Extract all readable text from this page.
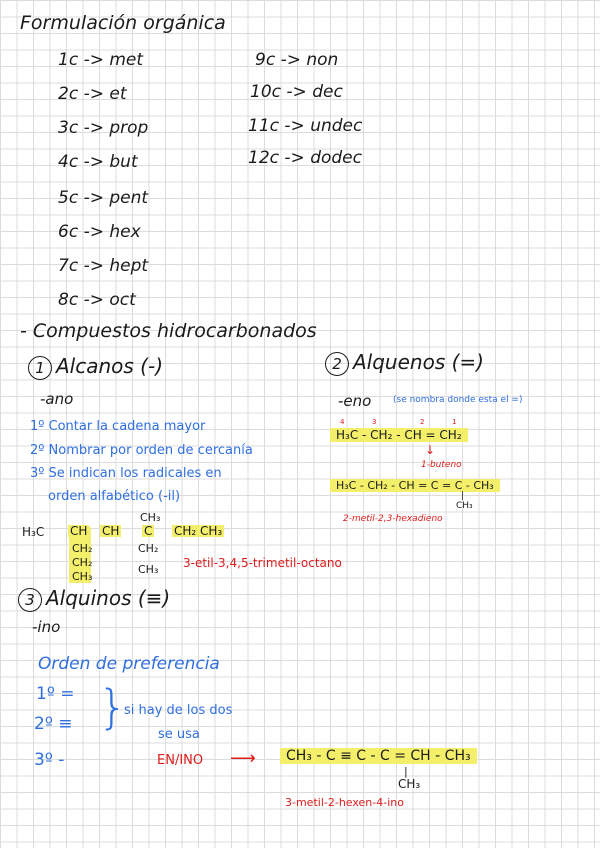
Formulación orgánica
1c -> met
2c -> et
3c -> prop
4c -> but
5c -> pent
6c -> hex
7c -> hept
8c -> oct
9c -> non
10c -> dec
11c -> undec
12c -> dodec
- Compuestos hidrocarbonados
1 Alcanos (-)
-ano
1º Contar la cadena mayor
2º Nombrar por orden de cercanía
3º Se indican los radicales en
orden alfabético (-il)
CH
H₃C	CH C CH₂ CH₃
CH₃
CH₂
CH₂
CH₃
CH₂
CH₃ 3-etil-3,4,5-trimetil-octano
2 Alquenos (=)
-eno (se nombra donde esta el =)
4	3	2	1
H₃C - CH₂ - CH = CH₂
↓
1-buteno
H₃C - CH₂ - CH = C = C - CH₃
|
CH₃
2-metil-2,3-hexadieno
3 Alquinos (≡)
-ino
Orden de preferencia
1º =
2º ≡
3º -
}
si hay de los dos
se usa
EN/INO ⟶	CH₃ - C ≡ C - C = CH - CH₃
|
CH₃
3-metil-2-hexen-4-ino
